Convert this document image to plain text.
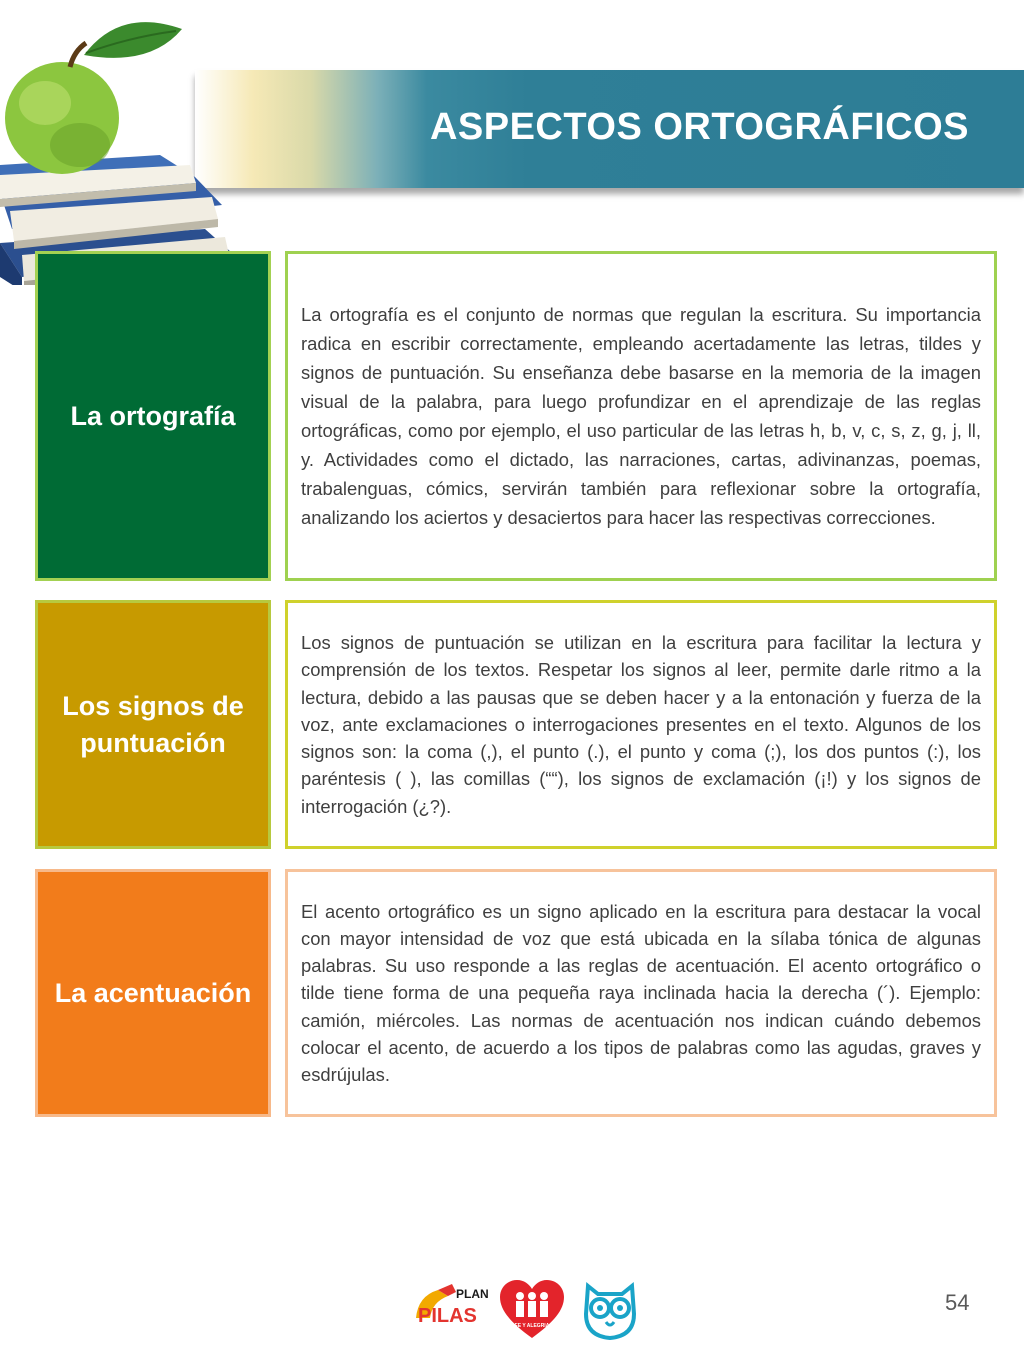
ASPECTOS ORTOGRÁFICOS
La ortografía

La ortografía es el conjunto de normas que regulan la escritura. Su importancia radica en escribir correctamente, empleando acertadamente las letras, tildes y signos de puntuación. Su enseñanza debe basarse en la memoria de la imagen visual de la palabra, para luego profundizar en el aprendizaje de las reglas ortográficas, como por ejemplo, el uso particular de las letras h, b, v, c, s, z, g, j, ll, y. Actividades como el dictado, las narraciones, cartas, adivinanzas, poemas, trabalenguas, cómics, servirán también para reflexionar sobre la ortografía, analizando los aciertos y desaciertos para hacer las respectivas correcciones.

Los signos de puntuación

Los signos de puntuación se utilizan en la escritura para facilitar la lectura y comprensión de los textos. Respetar los signos al leer, permite darle ritmo a la lectura, debido a las pausas que se deben hacer y a la entonación y fuerza de la voz, ante exclamaciones o interrogaciones presentes en el texto. Algunos de los signos son: la coma (,), el punto (.), el punto y coma (;), los dos puntos (:), los paréntesis ( ), las comillas (““), los signos de exclamación (¡!) y los signos de interrogación (¿?).

La acentuación

El acento ortográfico es un signo aplicado en la escritura para destacar la vocal con mayor intensidad de voz que está ubicada en la sílaba tónica de algunas palabras. Su uso responde a las reglas de acentuación. El acento ortográfico o tilde tiene forma de una pequeña raya inclinada hacia la derecha (´). Ejemplo: camión, miércoles. Las normas de acentuación nos indican cuándo debemos colocar el acento, de acuerdo a los tipos de palabras como las agudas, graves y esdrújulas.

PLAN
PILAS	FE Y ALEGRIA
54
